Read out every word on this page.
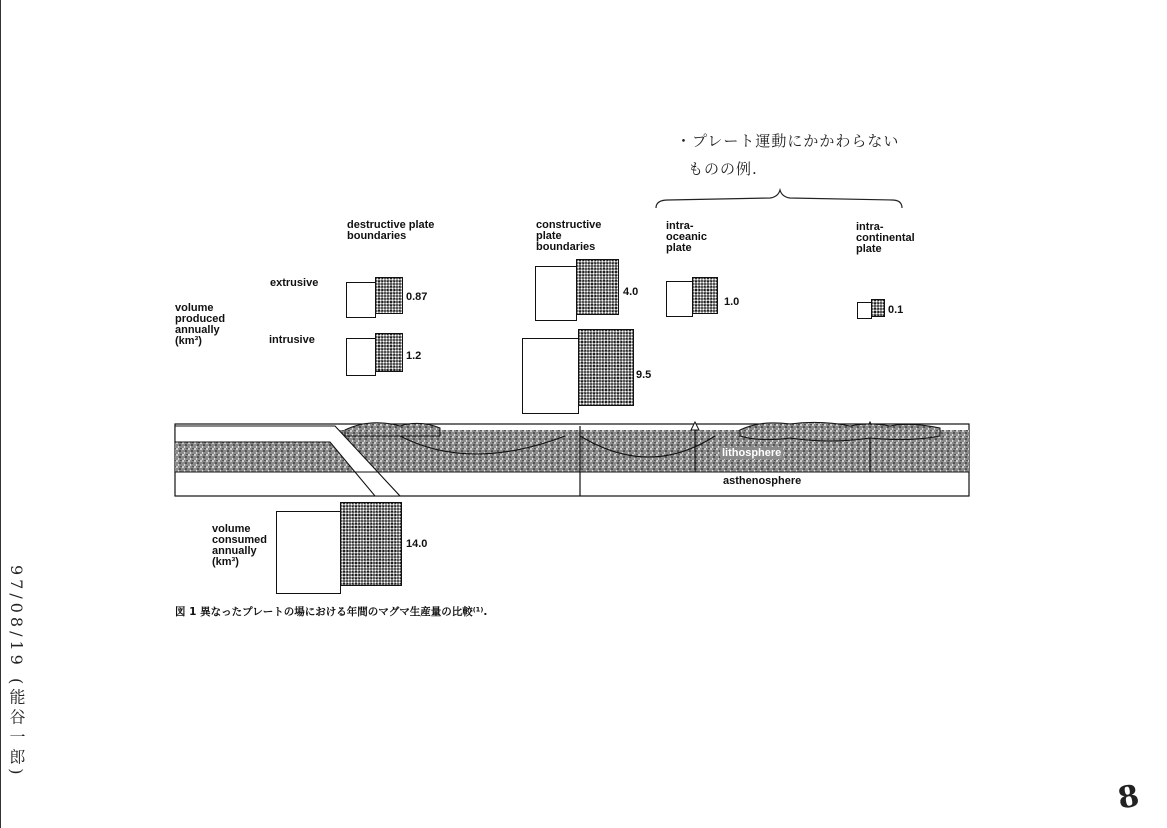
・プレート運動にかかわらない
ものの例.
destructive plate
boundaries
constructive
plate
boundaries
intra-
oceanic
plate
intra-
continental
plate
extrusive
intrusive
volume
produced
annually
(km³)
volume
consumed
annually
(km³)
0.87
1.2
4.0
9.5
1.0
0.1
14.0
lithosphere
asthenosphere
図 1 異なったプレートの場における年間のマグマ生産量の比較⁽¹⁾.
97/08/19 (能谷一郎)
8
